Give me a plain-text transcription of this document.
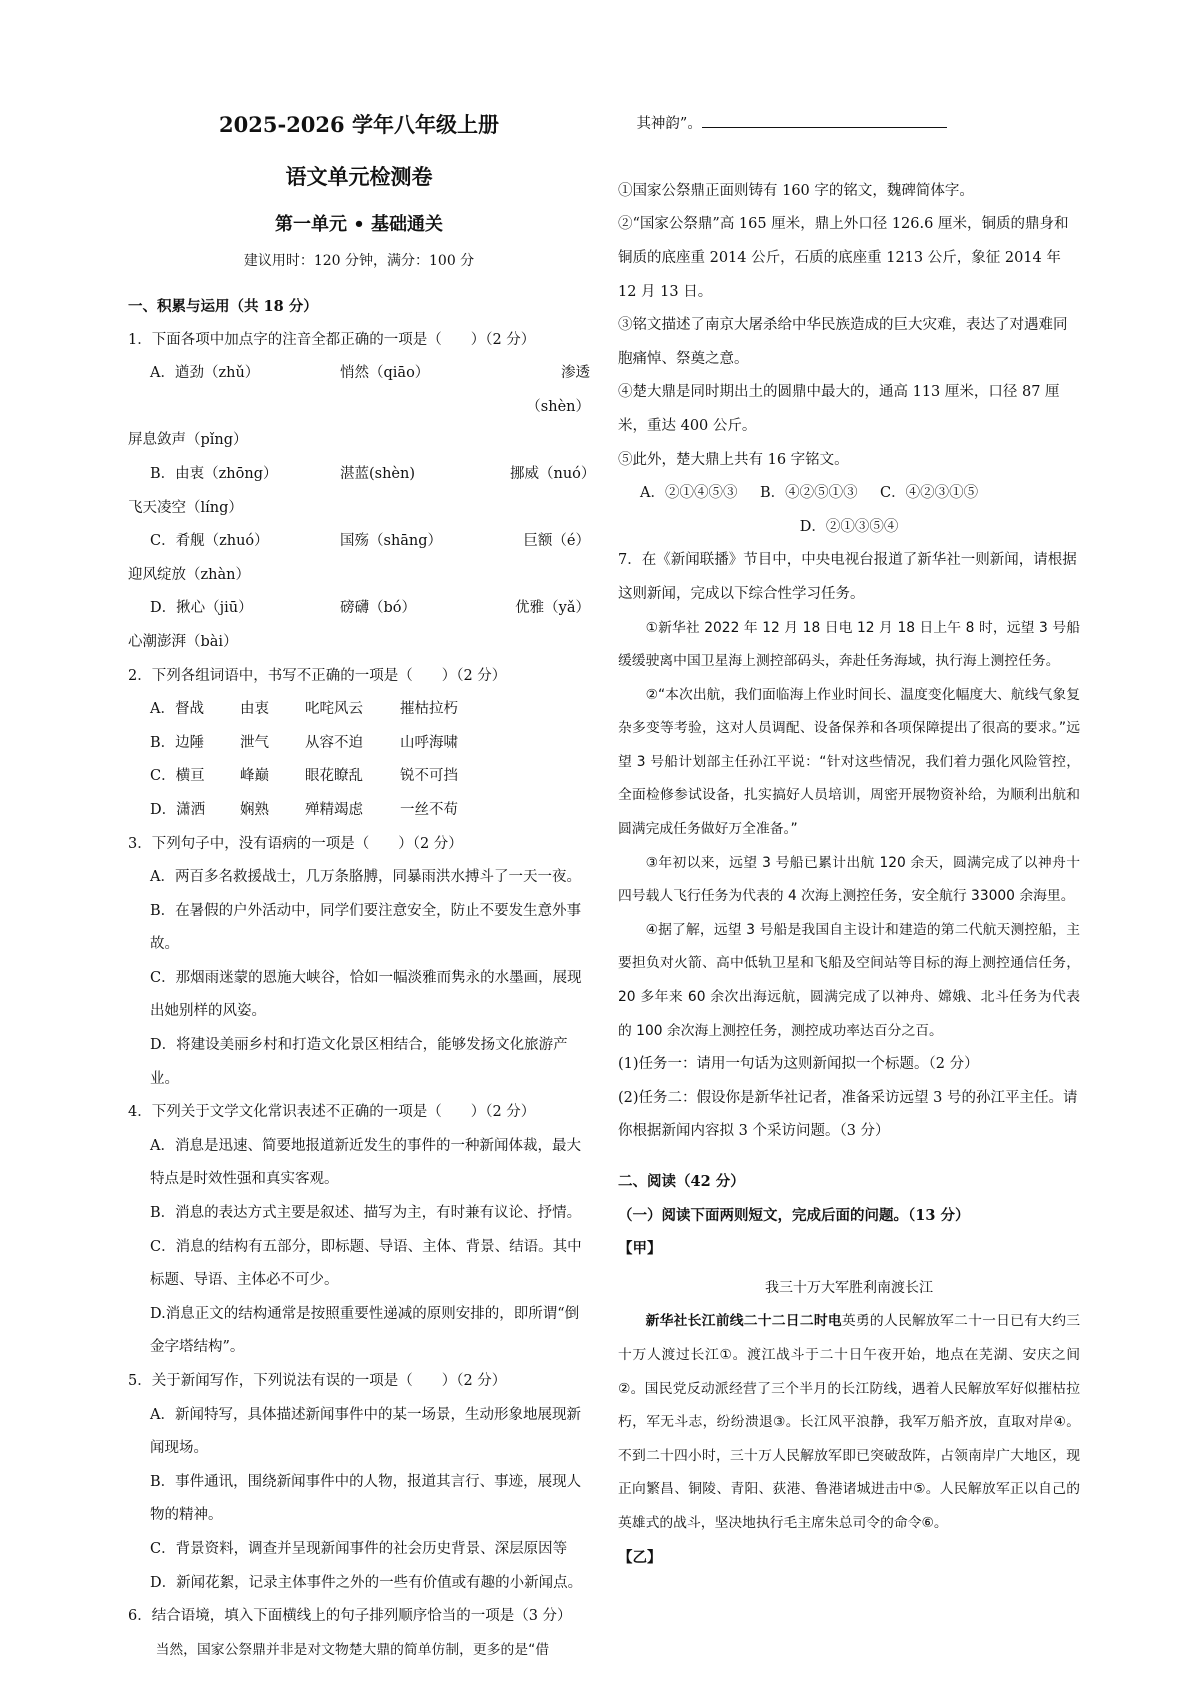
2025-2026 学年八年级上册

语文单元检测卷

第一单元 • 基础通关

建议用时：120 分钟，满分：100 分

一、积累与运用（共 18 分）

1．下面各项中加点字的注音全都正确的一项是（　　）（2 分）

A．遒劲（zhǔ）	悄然（qiāo）	渗透（shèn）

屏息敛声（pǐng）

B．由衷（zhōng）	湛蓝(shèn)	挪威（nuó）

飞天凌空（líng）

C．肴舰（zhuó）	国殇（shāng）	巨额（é）

迎风绽放（zhàn）

D．揪心（jiū）	磅礴（bó）	优雅（yǎ）

心潮澎湃（bài）

2．下列各组词语中，书写不正确的一项是（　　）（2 分）

A．督战	由衷	叱咤风云	摧枯拉朽
B．边陲	泄气	从容不迫	山呼海啸
C．横亘	峰巅	眼花瞭乱	锐不可挡
D．潇洒	娴熟	殚精竭虑	一丝不苟

3．下列句子中，没有语病的一项是（　　）（2 分）

A．两百多名救援战士，几万条胳膊，同暴雨洪水搏斗了一天一夜。

B．在暑假的户外活动中，同学们要注意安全，防止不要发生意外事故。

C．那烟雨迷蒙的恩施大峡谷，恰如一幅淡雅而隽永的水墨画，展现出她别样的风姿。

D．将建设美丽乡村和打造文化景区相结合，能够发扬文化旅游产业。

4．下列关于文学文化常识表述不正确的一项是（　　）（2 分）

A．消息是迅速、简要地报道新近发生的事件的一种新闻体裁，最大特点是时效性强和真实客观。

B．消息的表达方式主要是叙述、描写为主，有时兼有议论、抒情。

C．消息的结构有五部分，即标题、导语、主体、背景、结语。其中标题、导语、主体必不可少。

D.消息正文的结构通常是按照重要性递减的原则安排的，即所谓“倒金字塔结构”。

5．关于新闻写作，下列说法有误的一项是（　　）（2 分）

A．新闻特写，具体描述新闻事件中的某一场景，生动形象地展现新闻现场。

B．事件通讯，围绕新闻事件中的人物，报道其言行、事迹，展现人物的精神。

C．背景资料，调查并呈现新闻事件的社会历史背景、深层原因等

D．新闻花絮，记录主体事件之外的一些有价值或有趣的小新闻点。

6．结合语境，填入下面横线上的句子排列顺序恰当的一项是（3 分）

当然，国家公祭鼎并非是对文物楚大鼎的简单仿制，更多的是“借

其神韵”。

①国家公祭鼎正面则铸有 160 字的铭文，魏碑简体字。

②“国家公祭鼎”高 165 厘米，鼎上外口径 126.6 厘米，铜质的鼎身和铜质的底座重 2014 公斤，石质的底座重 1213 公斤，象征 2014 年 12 月 13 日。

③铭文描述了南京大屠杀给中华民族造成的巨大灾难，表达了对遇难同胞痛悼、祭奠之意。

④楚大鼎是同时期出土的圆鼎中最大的，通高 113 厘米，口径 87 厘米，重达 400 公斤。

⑤此外，楚大鼎上共有 16 字铭文。

A．②①④⑤③	B．④②⑤①③	C．④②③①⑤

D．②①③⑤④

7．在《新闻联播》节目中，中央电视台报道了新华社一则新闻，请根据这则新闻，完成以下综合性学习任务。

①新华社 2022 年 12 月 18 日电 12 月 18 日上午 8 时，远望 3 号船缓缓驶离中国卫星海上测控部码头，奔赴任务海域，执行海上测控任务。

②“本次出航，我们面临海上作业时间长、温度变化幅度大、航线气象复杂多变等考验，这对人员调配、设备保养和各项保障提出了很高的要求。”远望 3 号船计划部主任孙江平说：“针对这些情况，我们着力强化风险管控，全面检修参试设备，扎实搞好人员培训，周密开展物资补给，为顺利出航和圆满完成任务做好万全准备。”

③年初以来，远望 3 号船已累计出航 120 余天，圆满完成了以神舟十四号载人飞行任务为代表的 4 次海上测控任务，安全航行 33000 余海里。

④据了解，远望 3 号船是我国自主设计和建造的第二代航天测控船，主要担负对火箭、高中低轨卫星和飞船及空间站等目标的海上测控通信任务，20 多年来 60 余次出海远航，圆满完成了以神舟、嫦娥、北斗任务为代表的 100 余次海上测控任务，测控成功率达百分之百。

(1)任务一：请用一句话为这则新闻拟一个标题。（2 分）

(2)任务二：假设你是新华社记者，准备采访远望 3 号的孙江平主任。请你根据新闻内容拟 3 个采访问题。（3 分）

二、阅读（42 分）

（一）阅读下面两则短文，完成后面的问题。（13 分）

【甲】

我三十万大军胜利南渡长江

新华社长江前线二十二日二时电英勇的人民解放军二十一日已有大约三十万人渡过长江①。渡江战斗于二十日午夜开始，地点在芜湖、安庆之间②。国民党反动派经营了三个半月的长江防线，遇着人民解放军好似摧枯拉朽，军无斗志，纷纷溃退③。长江风平浪静，我军万船齐放，直取对岸④。不到二十四小时，三十万人民解放军即已突破敌阵，占领南岸广大地区，现正向繁昌、铜陵、青阳、荻港、鲁港诸城进击中⑤。人民解放军正以自己的英雄式的战斗，坚决地执行毛主席朱总司令的命令⑥。

【乙】
